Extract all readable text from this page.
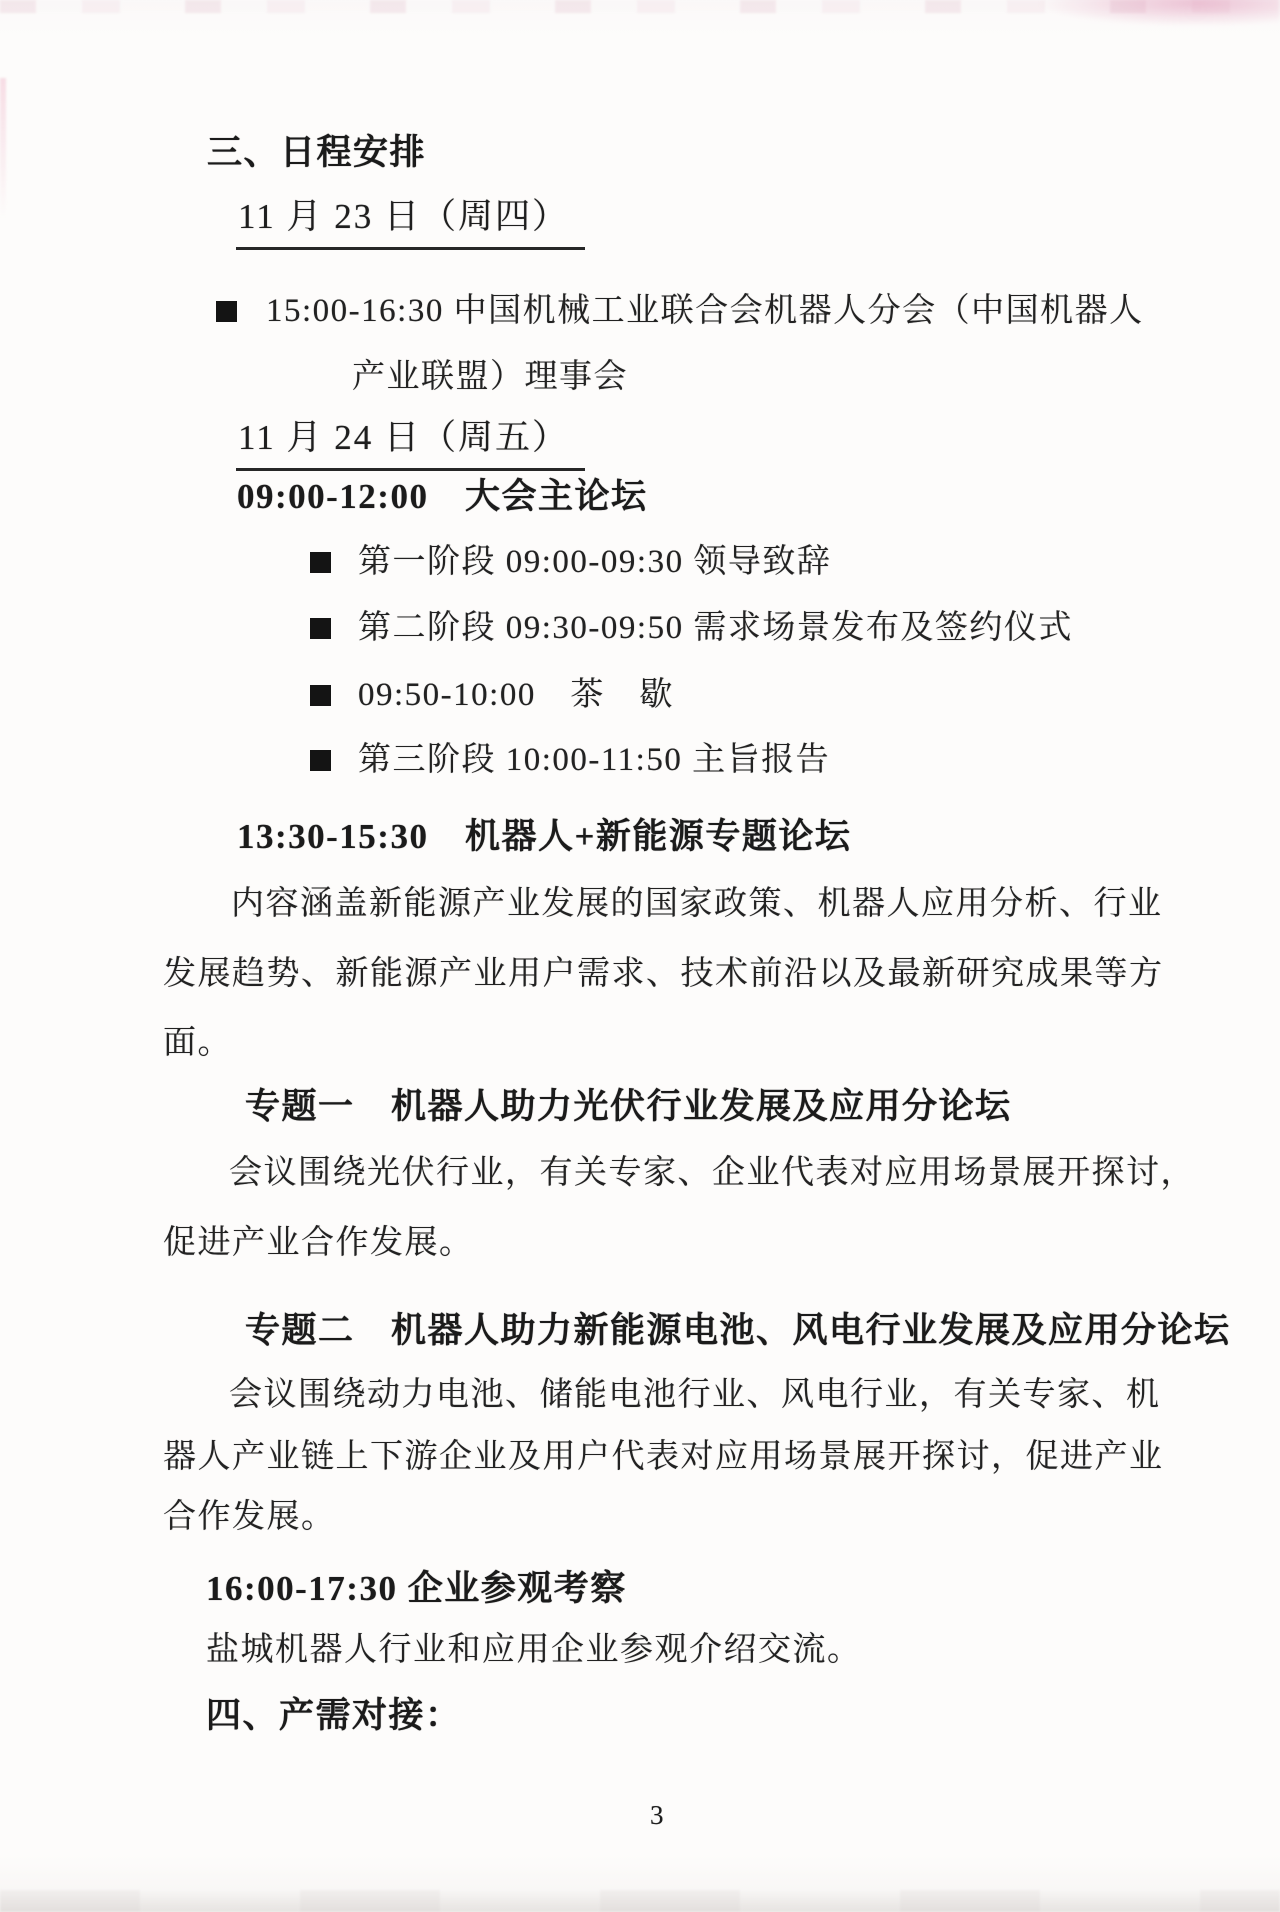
三、日程安排
11 月 23 日（周四）
15:00-16:30 中国机械工业联合会机器人分会（中国机器人
产业联盟）理事会
11 月 24 日（周五）
09:00-12:00　大会主论坛
第一阶段 09:00-09:30 领导致辞
第二阶段 09:30-09:50 需求场景发布及签约仪式
09:50-10:00　茶　歇
第三阶段 10:00-11:50 主旨报告
13:30-15:30　机器人+新能源专题论坛
内容涵盖新能源产业发展的国家政策、机器人应用分析、行业
发展趋势、新能源产业用户需求、技术前沿以及最新研究成果等方
面。
专题一　机器人助力光伏行业发展及应用分论坛
会议围绕光伏行业，有关专家、企业代表对应用场景展开探讨，
促进产业合作发展。
专题二　机器人助力新能源电池、风电行业发展及应用分论坛
会议围绕动力电池、储能电池行业、风电行业，有关专家、机
器人产业链上下游企业及用户代表对应用场景展开探讨，促进产业
合作发展。
16:00-17:30 企业参观考察
盐城机器人行业和应用企业参观介绍交流。
四、产需对接：
3
